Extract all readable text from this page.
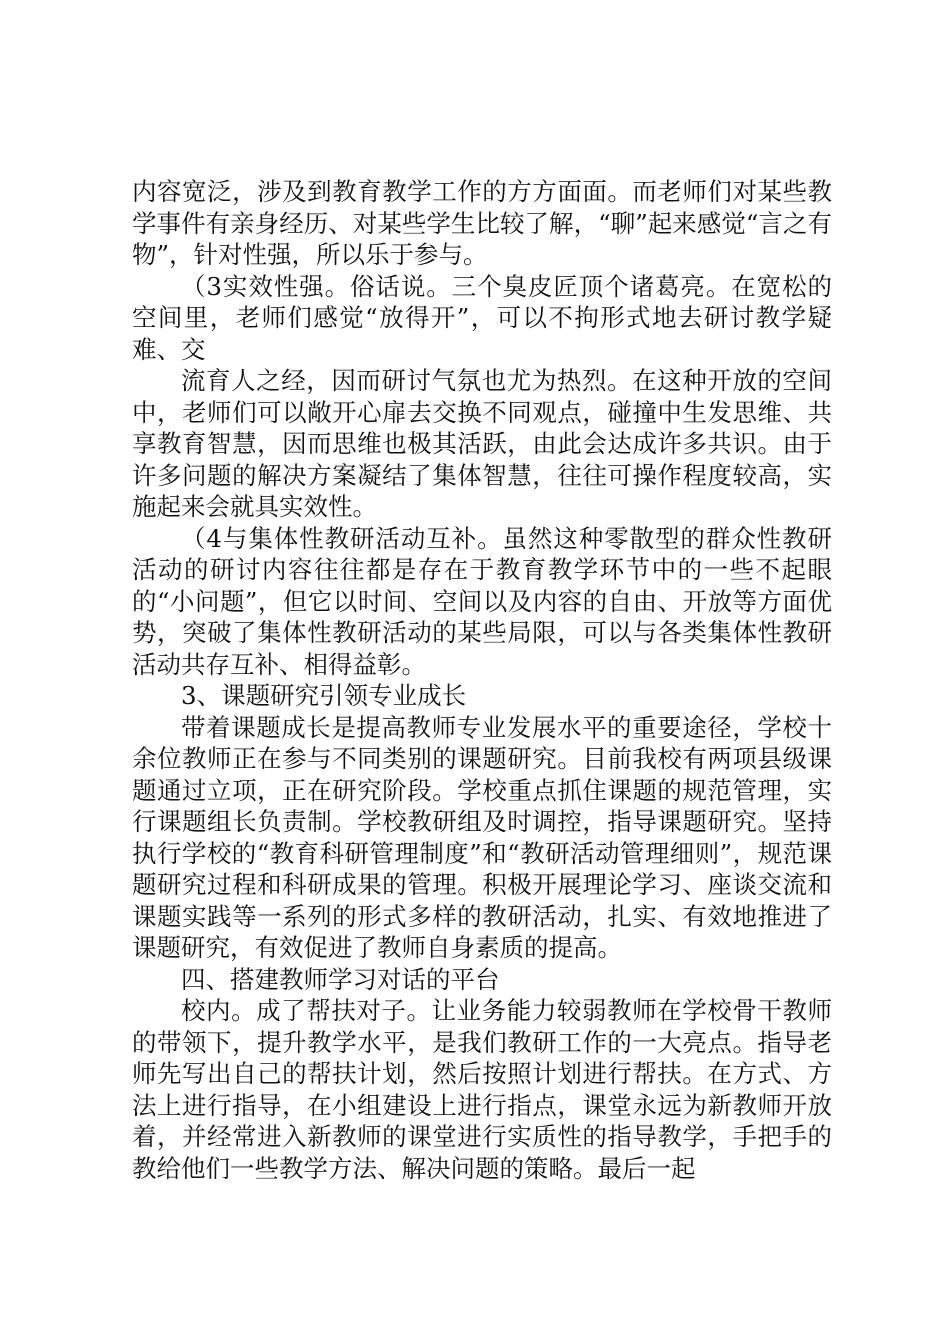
内容宽泛，涉及到教育教学工作的方方面面。而老师们对某些教学事件有亲身经历、对某些学生比较了解，“聊”起来感觉“言之有物”，针对性强，所以乐于参与。

（3实效性强。俗话说。三个臭皮匠顶个诸葛亮。在宽松的空间里，老师们感觉“放得开”，可以不拘形式地去研讨教学疑难、交

流育人之经，因而研讨气氛也尤为热烈。在这种开放的空间中，老师们可以敞开心扉去交换不同观点，碰撞中生发思维、共享教育智慧，因而思维也极其活跃，由此会达成许多共识。由于许多问题的解决方案凝结了集体智慧，往往可操作程度较高，实施起来会就具实效性。

（4与集体性教研活动互补。虽然这种零散型的群众性教研活动的研讨内容往往都是存在于教育教学环节中的一些不起眼的“小问题”，但它以时间、空间以及内容的自由、开放等方面优势，突破了集体性教研活动的某些局限，可以与各类集体性教研活动共存互补、相得益彰。

3、课题研究引领专业成长

带着课题成长是提高教师专业发展水平的重要途径，学校十余位教师正在参与不同类别的课题研究。目前我校有两项县级课题通过立项，正在研究阶段。学校重点抓住课题的规范管理，实行课题组长负责制。学校教研组及时调控，指导课题研究。坚持执行学校的“教育科研管理制度”和“教研活动管理细则”，规范课题研究过程和科研成果的管理。积极开展理论学习、座谈交流和课题实践等一系列的形式多样的教研活动，扎实、有效地推进了课题研究，有效促进了教师自身素质的提高。

四、搭建教师学习对话的平台

校内。成了帮扶对子。让业务能力较弱教师在学校骨干教师的带领下，提升教学水平，是我们教研工作的一大亮点。指导老师先写出自己的帮扶计划，然后按照计划进行帮扶。在方式、方法上进行指导，在小组建设上进行指点，课堂永远为新教师开放着，并经常进入新教师的课堂进行实质性的指导教学，手把手的教给他们一些教学方法、解决问题的策略。最后一起
